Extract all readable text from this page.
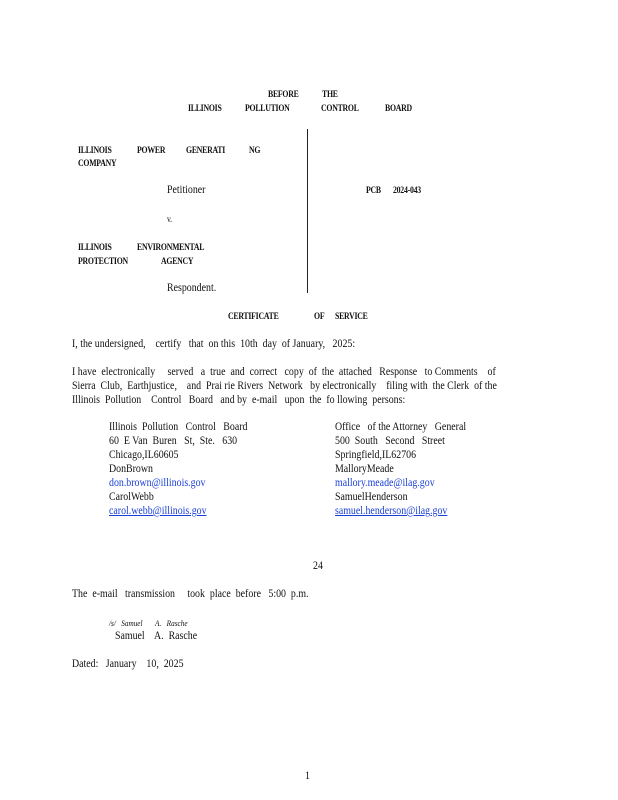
BEFORE THE
ILLINOIS POLLUTION	CONTROL	BOARD
ILLINOIS	POWER GENERATI	NG
COMPANY
Petitioner
v.
ILLINOIS	ENVIRONMENTAL
PROTECTION	AGENCY
Respondent.
PCB 2024-043
CERTIFICATE	OF SERVICE
I, the undersigned,    certify   that  on this  10th  day  of January,   2025:
I have  electronically     served   a  true  and  correct   copy  of  the  attached   Response   to Comments    of
Sierra  Club,  Earthjustice,    and  Prai rie Rivers  Network   by electronically    filing with  the Clerk  of the
Illinois  Pollution    Control   Board   and by  e-mail   upon  the  fo llowing  persons:
Illinois  Pollution   Control   Board
60  E Van  Buren   St,  Ste.   630
Chicago,IL60605
DonBrown
don.brown@illinois.gov
CarolWebb
carol.webb@illinois.gov
Office   of the Attorney   General
500  South   Second   Street
Springfield,IL62706
MalloryMeade
mallory.meade@ilag.gov
SamuelHenderson
samuel.henderson@ilag.gov
24
The  e-mail   transmission     took  place  before   5:00  p.m.
/s/   Samuel       A.   Rasche
Samuel    A.  Rasche
Dated:   January    10,  2025
1
